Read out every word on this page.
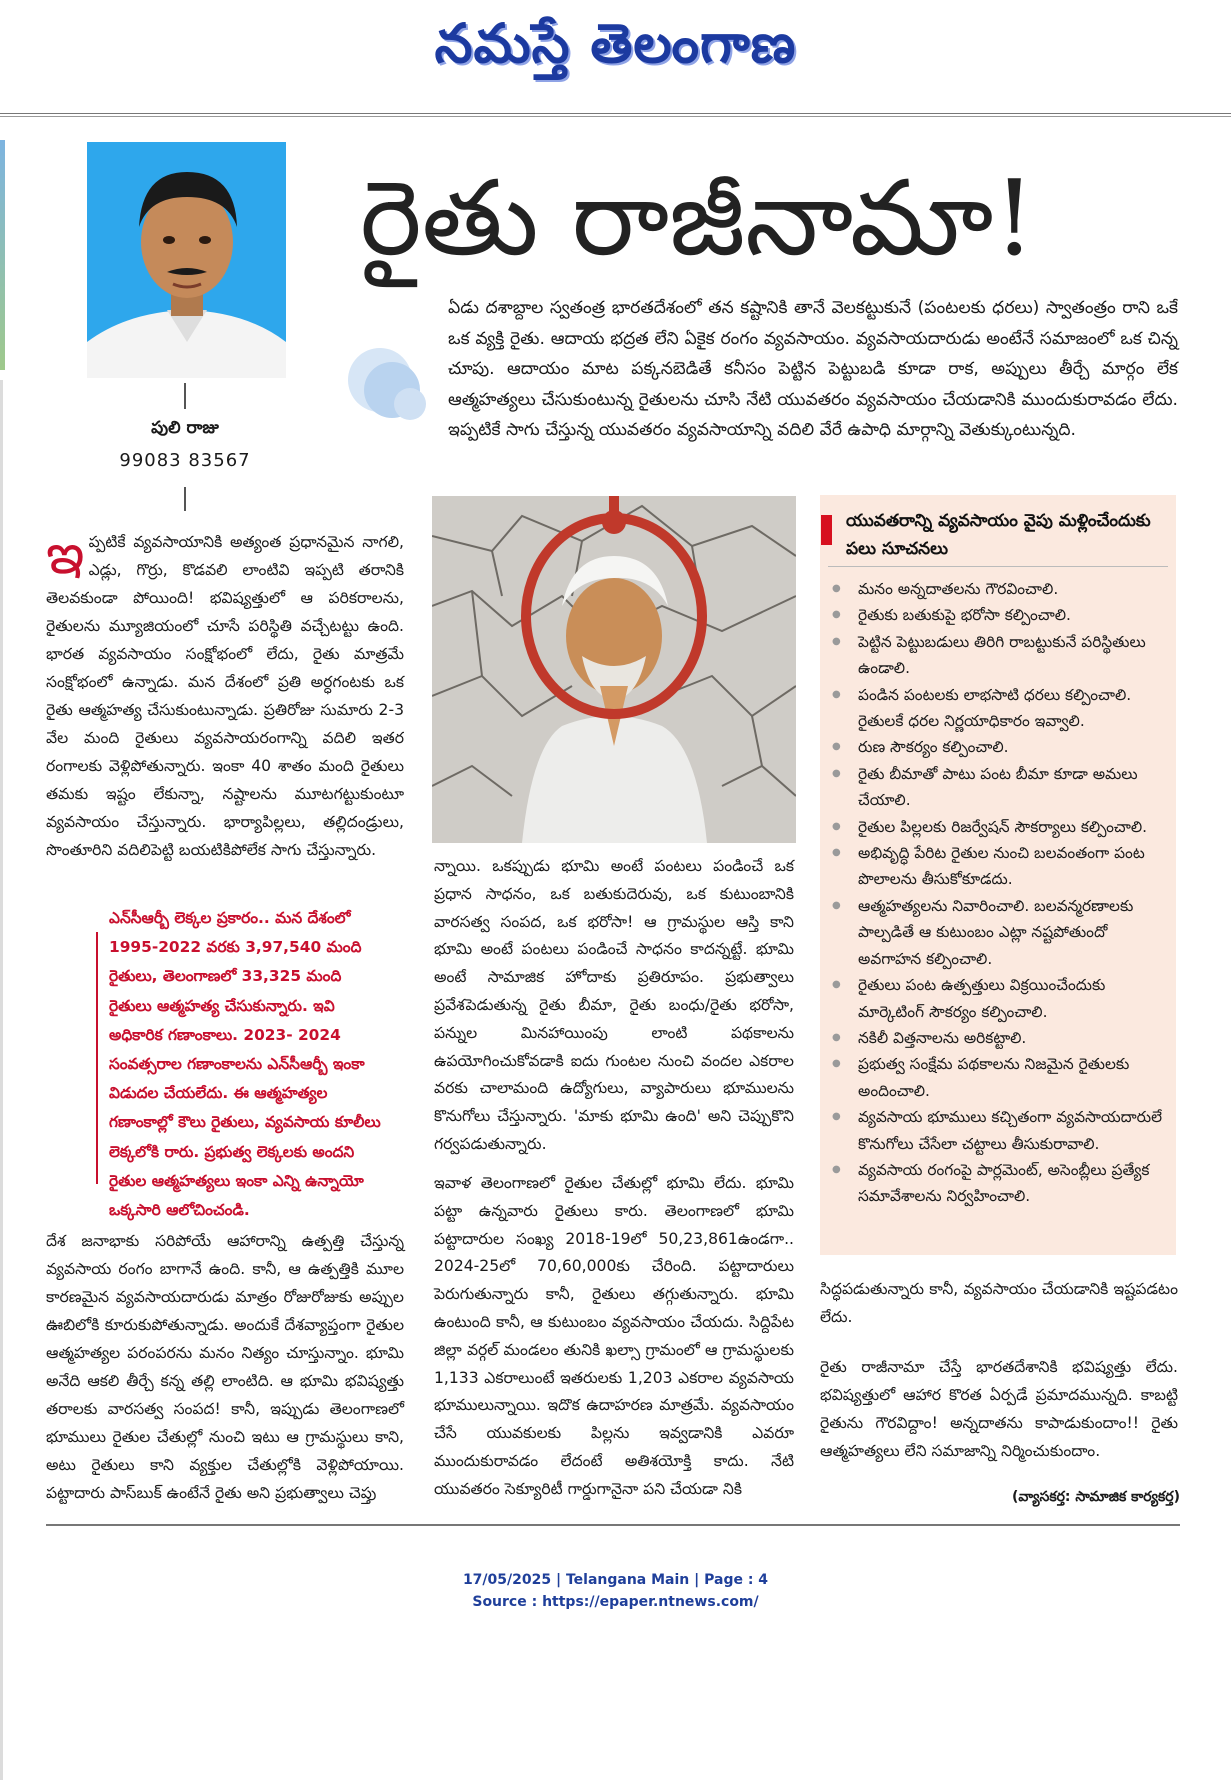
నమస్తే తెలంగాణ
పులి రాజు
99083 83567
రైతు రాజీనామా!

ఏడు దశాబ్దాల స్వతంత్ర భారతదేశంలో తన కష్టానికి తానే వెలకట్టుకునే (పంటలకు ధరలు) స్వాతంత్రం రాని ఒకే ఒక వ్యక్తి రైతు. ఆదాయ భద్రత లేని ఏకైక రంగం వ్యవసాయం. వ్యవసాయదారుడు అంటేనే సమాజంలో ఒక చిన్న చూపు. ఆదాయం మాట పక్కనబెడితే కనీసం పెట్టిన పెట్టుబడి కూడా రాక, అప్పులు తీర్చే మార్గం లేక ఆత్మహత్యలు చేసుకుంటున్న రైతులను చూసి నేటి యువతరం వ్యవసాయం చేయడానికి ముందుకురావడం లేదు. ఇప్పటికే సాగు చేస్తున్న యువతరం వ్యవసాయాన్ని వదిలి వేరే ఉపాధి మార్గాన్ని వెతుక్కుంటున్నది.

ఇప్పటికే వ్యవసాయానికి అత్యంత ప్రధానమైన నాగలి, ఎడ్లు, గొర్రు, కొడవలి లాంటివి ఇప్పటి తరానికి తెలవకుండా పోయింది! భవిష్యత్తులో ఆ పరికరాలను, రైతులను మ్యూజియంలో చూసే పరిస్థితి వచ్చేటట్టు ఉంది. భారత వ్యవసాయం సంక్షోభంలో లేదు, రైతు మాత్రమే సంక్షోభంలో ఉన్నాడు. మన దేశంలో ప్రతి అర్ధగంటకు ఒక రైతు ఆత్మహత్య చేసుకుంటున్నాడు. ప్రతిరోజు సుమారు 2-3 వేల మంది రైతులు వ్యవసాయరంగాన్ని వదిలి ఇతర రంగాలకు వెళ్లిపోతున్నారు. ఇంకా 40 శాతం మంది రైతులు తమకు ఇష్టం లేకున్నా, నష్టాలను మూటగట్టుకుంటూ వ్యవసాయం చేస్తున్నారు. భార్యాపిల్లలు, తల్లిదండ్రులు, సొంతూరిని వదిలిపెట్టి బయటికిపోలేక సాగు చేస్తున్నారు.

ఎన్‌సీఆర్బీ లెక్కల ప్రకారం.. మన దేశంలో 1995-2022 వరకు 3,97,540 మంది రైతులు, తెలంగాణలో 33,325 మంది రైతులు ఆత్మహత్య చేసుకున్నారు. ఇవి అధికారిక గణాంకాలు. 2023- 2024 సంవత్సరాల గణాంకాలను ఎన్‌సీఆర్బీ ఇంకా విడుదల చేయలేదు. ఈ ఆత్మహత్యల గణాంకాల్లో కౌలు రైతులు, వ్యవసాయ కూలీలు లెక్కలోకి రారు. ప్రభుత్వ లెక్కలకు అందని రైతుల ఆత్మహత్యలు ఇంకా ఎన్ని ఉన్నాయో ఒక్కసారి ఆలోచించండి.

దేశ జనాభాకు సరిపోయే ఆహారాన్ని ఉత్పత్తి చేస్తున్న వ్యవసాయ రంగం బాగానే ఉంది. కానీ, ఆ ఉత్పత్తికి మూల కారణమైన వ్యవసాయదారుడు మాత్రం రోజురోజుకు అప్పుల ఊబిలోకి కూరుకుపోతున్నాడు. అందుకే దేశవ్యాప్తంగా రైతుల ఆత్మహత్యల పరంపరను మనం నిత్యం చూస్తున్నాం. భూమి అనేది ఆకలి తీర్చే కన్న తల్లి లాంటిది. ఆ భూమి భవిష్యత్తు తరాలకు వారసత్వ సంపద! కానీ, ఇప్పుడు తెలంగాణలో భూములు రైతుల చేతుల్లో నుంచి ఇటు ఆ గ్రామస్థులు కాని, అటు రైతులు కాని వ్యక్తుల చేతుల్లోకి వెళ్లిపోయాయి. పట్టాదారు పాస్‌బుక్ ఉంటేనే రైతు అని ప్రభుత్వాలు చెప్తు

న్నాయి. ఒకప్పుడు భూమి అంటే పంటలు పండించే ఒక ప్రధాన సాధనం, ఒక బతుకుదెరువు, ఒక కుటుంబానికి వారసత్వ సంపద, ఒక భరోసా! ఆ గ్రామస్థుల ఆస్తి కాని భూమి అంటే పంటలు పండించే సాధనం కాదన్నట్టే. భూమి అంటే సామాజిక హోదాకు ప్రతిరూపం. ప్రభుత్వాలు ప్రవేశపెడుతున్న రైతు బీమా, రైతు బంధు/రైతు భరోసా, పన్నుల మినహాయింపు లాంటి పథకాలను ఉపయోగించుకోవడాకి ఐదు గుంటల నుంచి వందల ఎకరాల వరకు చాలామంది ఉద్యోగులు, వ్యాపారులు భూములను కొనుగోలు చేస్తున్నారు. 'మాకు భూమి ఉంది' అని చెప్పుకొని గర్వపడుతున్నారు.

ఇవాళ తెలంగాణలో రైతుల చేతుల్లో భూమి లేదు. భూమి పట్టా ఉన్నవారు రైతులు కారు. తెలంగాణలో భూమి పట్టాదారుల సంఖ్య 2018-19లో 50,23,861ఉండగా.. 2024-25లో 70,60,000కు చేరింది. పట్టాదారులు పెరుగుతున్నారు కానీ, రైతులు తగ్గుతున్నారు. భూమి ఉంటుంది కానీ, ఆ కుటుంబం వ్యవసాయం చేయదు. సిద్దిపేట జిల్లా వర్గల్ మండలం తునికి ఖల్సా గ్రామంలో ఆ గ్రామస్థులకు 1,133 ఎకరాలుంటే ఇతరులకు 1,203 ఎకరాల వ్యవసాయ భూములున్నాయి. ఇదొక ఉదాహరణ మాత్రమే. వ్యవసాయం చేసే యువకులకు పిల్లను ఇవ్వడానికి ఎవరూ ముందుకురావడం లేదంటే అతిశయోక్తి కాదు. నేటి యువతరం సెక్యూరిటీ గార్డుగానైనా పని చేయడా నికి

యువతరాన్ని వ్యవసాయం వైపు మళ్లించేందుకు పలు సూచనలు
● మనం అన్నదాతలను గౌరవించాలి.
● రైతుకు బతుకుపై భరోసా కల్పించాలి.
● పెట్టిన పెట్టుబడులు తిరిగి రాబట్టుకునే పరిస్థితులు ఉండాలి.
● పండిన పంటలకు లాభసాటి ధరలు కల్పించాలి. రైతులకే ధరల నిర్ణయాధికారం ఇవ్వాలి.
● రుణ సౌకర్యం కల్పించాలి.
● రైతు బీమాతో పాటు పంట బీమా కూడా అమలు చేయాలి.
● రైతుల పిల్లలకు రిజర్వేషన్ సౌకర్యాలు కల్పించాలి.
● అభివృద్ధి పేరిట రైతుల నుంచి బలవంతంగా పంట పొలాలను తీసుకోకూడదు.
● ఆత్మహత్యలను నివారించాలి. బలవన్మరణాలకు పాల్పడితే ఆ కుటుంబం ఎట్లా నష్టపోతుందో అవగాహన కల్పించాలి.
● రైతులు పంట ఉత్పత్తులు విక్రయించేందుకు మార్కెటింగ్ సౌకర్యం కల్పించాలి.
● నకిలీ విత్తనాలను అరికట్టాలి.
● ప్రభుత్వ సంక్షేమ పథకాలను నిజమైన రైతులకు అందించాలి.
● వ్యవసాయ భూములు కచ్చితంగా వ్యవసాయదారులే కొనుగోలు చేసేలా చట్టాలు తీసుకురావాలి.
● వ్యవసాయ రంగంపై పార్లమెంట్, అసెంబ్లీలు ప్రత్యేక సమావేశాలను నిర్వహించాలి.

సిద్ధపడుతున్నారు కానీ, వ్యవసాయం చేయడానికి ఇష్టపడటం లేదు.

రైతు రాజీనామా చేస్తే భారతదేశానికి భవిష్యత్తు లేదు. భవిష్యత్తులో ఆహార కొరత ఏర్పడే ప్రమాదమున్నది. కాబట్టి రైతును గౌరవిద్దాం! అన్నదాతను కాపాడుకుందాం!! రైతు ఆత్మహత్యలు లేని సమాజాన్ని నిర్మించుకుందాం.

(వ్యాసకర్త: సామాజిక కార్యకర్త)
17/05/2025 | Telangana Main | Page : 4
Source : https://epaper.ntnews.com/
